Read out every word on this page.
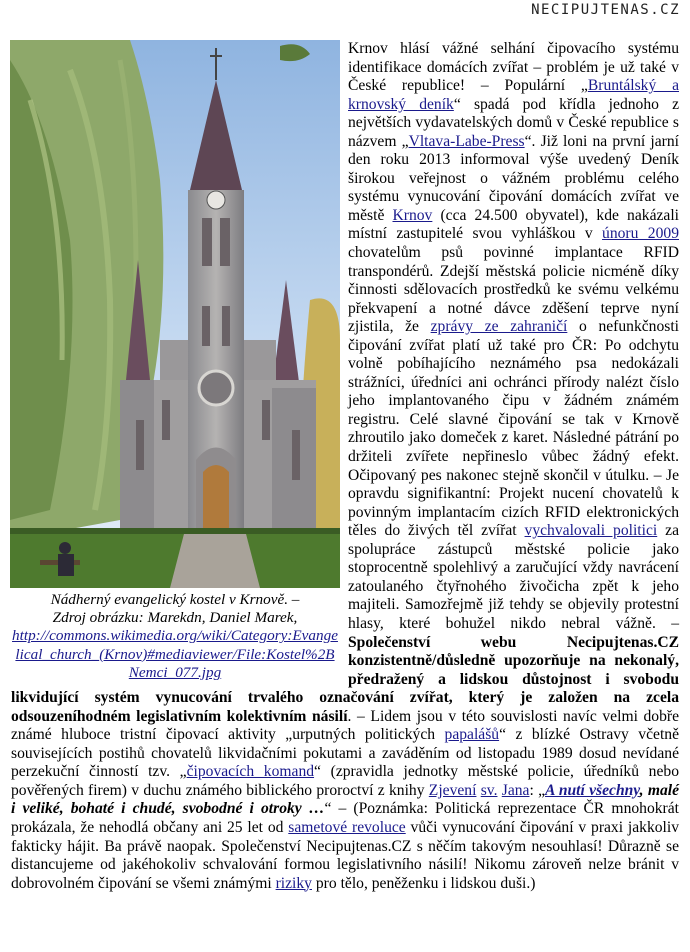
NECIPUJTENAS.CZ
Nádherný evangelický kostel v Krnově. –
Zdroj obrázku: Marekdn, Daniel Marek,
http://commons.wikimedia.org/wiki/Category:Evangelical_church_(Krnov)#mediaviewer/File:Kostel%2BNemci_077.jpg
Krnov hlásí vážné selhání čipovacího systému identifikace domácích zvířat – problém je už také v České republice! – Populární „Bruntálský a krnovský deník“ spadá pod křídla jednoho z největších vydavatelských domů v České republice s názvem „Vltava-Labe-Press“. Již loni na první jarní den roku 2013 informoval výše uvedený Deník širokou veřejnost o vážném problému celého systému vynucování čipování domácích zvířat ve městě Krnov (cca 24.500 obyvatel), kde nakázali místní zastupitelé svou vyhláškou v únoru 2009 chovatelům psů povinné implantace RFID transpondérů. Zdejší městská policie nicméně díky činnosti sdělovacích prostředků ke svému velkému překvapení a notné dávce zděšení teprve nyní zjistila, že zprávy ze zahraničí o nefunkčnosti čipování zvířat platí už také pro ČR: Po odchytu volně pobíhajícího neznámého psa nedokázali strážníci, úředníci ani ochránci přírody nalézt číslo jeho implantovaného čipu v žádném známém registru. Celé slavné čipování se tak v Krnově zhroutilo jako domeček z karet. Následné pátrání po držiteli zvířete nepřineslo vůbec žádný efekt. Očipovaný pes nakonec stejně skončil v útulku. – Je opravdu signifikantní: Projekt nucení chovatelů k povinným implantacím cizích RFID elektronických těles do živých těl zvířat vychvalovali politici za spolupráce zástupců městské policie jako stoprocentně spolehlivý a zaručující vždy navrácení zatoulaného čtyřnohého živočicha zpět k jeho majiteli. Samozřejmě již tehdy se objevily protestní hlasy, které bohužel nikdo nebral vážně. – Společenství webu Necipujtenas.CZ konzistentně/důsledně upozorňuje na nekonalý, předražený a lidskou důstojnost i svobodu likvidující systém vynucování trvalého označování zvířat, který je založen na zcela odsouzeníhodném legislativním kolektivním násilí. – Lidem jsou v této souvislosti navíc velmi dobře známé hluboce tristní čipovací aktivity „urputných politických papalášů“ z blízké Ostravy včetně souvisejících postihů chovatelů likvidačními pokutami a zaváděním od listopadu 1989 dosud nevídané perzekuční činností tzv. „čipovacích komand“ (zpravidla jednotky městské policie, úředníků nebo pověřených firem) v duchu známého biblického proroctví z knihy Zjevení sv. Jana: „A nutí všechny, malé i veliké, bohaté i chudé, svobodné i otroky …“ – (Poznámka: Politická reprezentace ČR mnohokrát prokázala, že nehodlá občany ani 25 let od sametové revoluce vůči vynucování čipování v praxi jakkoliv fakticky hájit. Ba právě naopak. Společenství Necipujtenas.CZ s něčím takovým nesouhlasí! Důrazně se distancujeme od jakéhokoliv schvalování formou legislativního násilí! Nikomu zároveň nelze bránit v dobrovolném čipování se všemi známými riziky pro tělo, peněženku i lidskou duši.)
